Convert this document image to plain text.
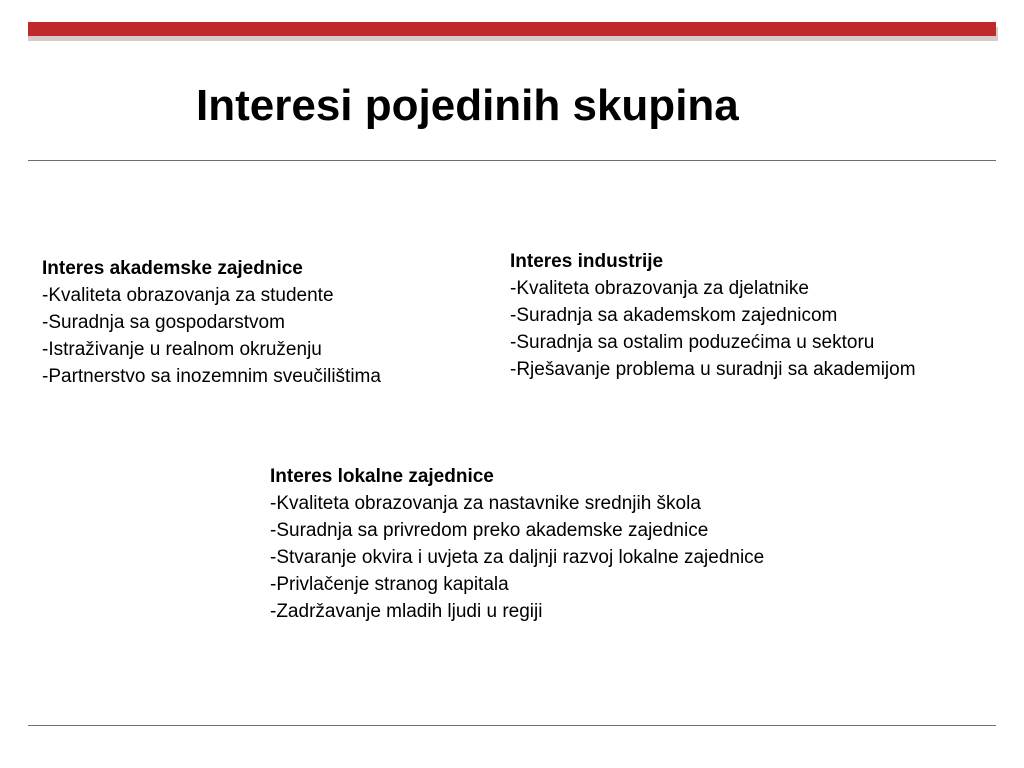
Interesi pojedinih skupina
Interes akademske zajednice
-Kvaliteta obrazovanja za studente
-Suradnja sa gospodarstvom
-Istraživanje u realnom okruženju
-Partnerstvo sa inozemnim sveučilištima
Interes industrije
-Kvaliteta obrazovanja za djelatnike
-Suradnja sa akademskom zajednicom
-Suradnja sa ostalim poduzećima u sektoru
-Rješavanje problema u suradnji sa akademijom
Interes lokalne zajednice
-Kvaliteta obrazovanja za nastavnike srednjih škola
-Suradnja sa privredom preko akademske zajednice
-Stvaranje okvira i uvjeta za daljnji razvoj lokalne zajednice
-Privlačenje stranog kapitala
-Zadržavanje mladih ljudi u regiji
